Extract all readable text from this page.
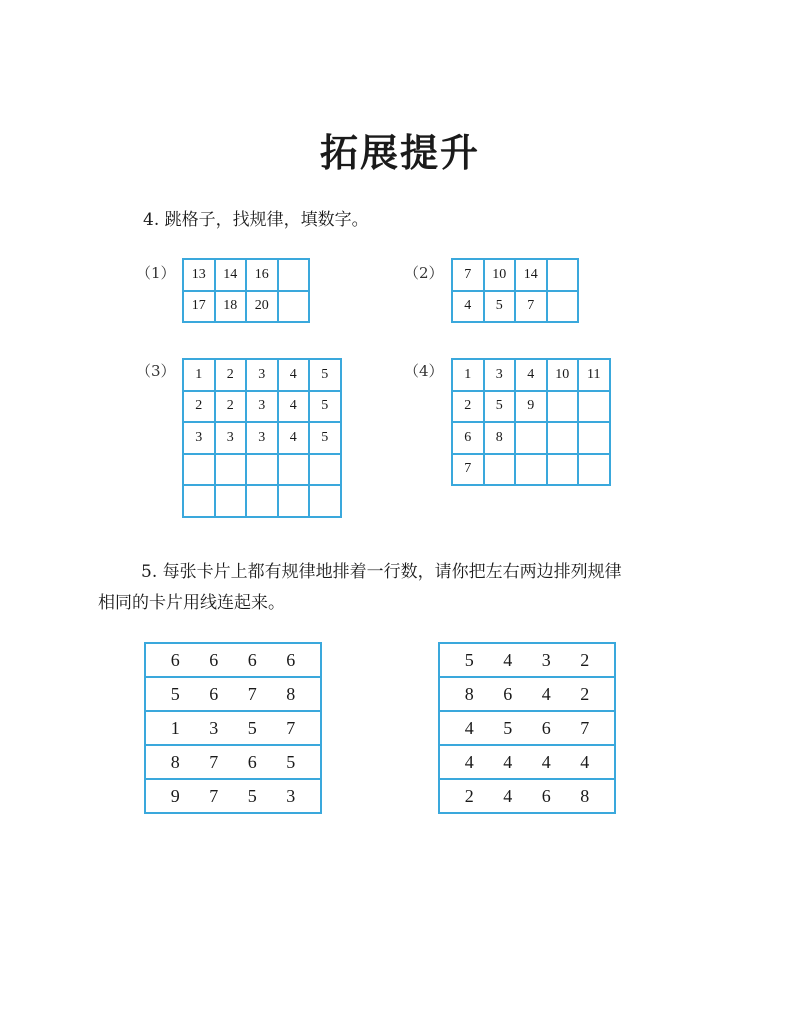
拓展提升
4. 跳格子，找规律，填数字。
（1） 13	14	16	
17	18	20	
（2） 7	10	14	
4	5	7	
（3） 1	2	3	4	5
2	2	3	4	5
3	3	3	4	5

（4） 1	3	4	10	11
2	5	9		
6	8			
7				
5. 每张卡片上都有规律地排着一行数，请你把左右两边排列规律
相同的卡片用线连起来。
6	6	6	6

5	6	7	8

1	3	5	7

8	7	6	5

9	7	5	3
5	4	3	2

8	6	4	2

4	5	6	7

4	4	4	4

2	4	6	8
